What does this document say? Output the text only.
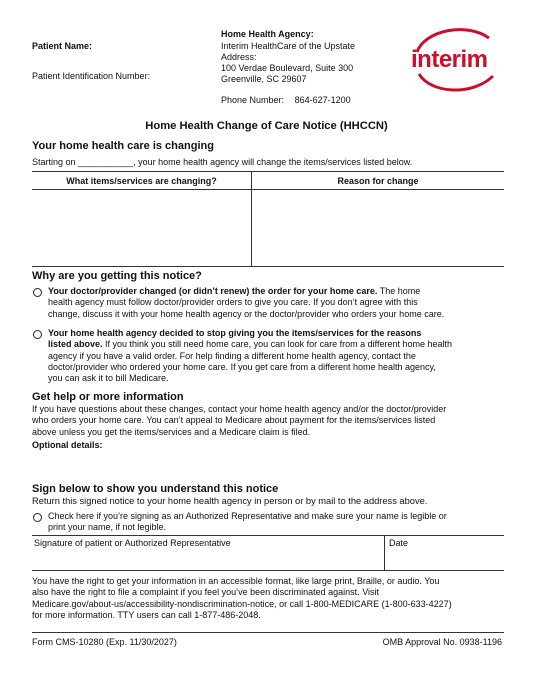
Patient Name:
Patient Identification Number:
Home Health Agency:
Interim HealthCare of the Upstate
Address:
100 Verdae Boulevard, Suite 300
Greenville, SC 29607
Phone Number: 864-627-1200
interim
Home Health Change of Care Notice (HHCCN)
Your home health care is changing
Starting on ___________, your home health agency will change the items/services listed below.
What items/services are changing?	Reason for change
Why are you getting this notice?
Your doctor/provider changed (or didn’t renew) the order for your home care. The home
health agency must follow doctor/provider orders to give you care. If you don’t agree with this
change, discuss it with your home health agency or the doctor/provider who orders your home care.
Your home health agency decided to stop giving you the items/services for the reasons
listed above. If you think you still need home care, you can look for care from a different home health
agency if you have a valid order. For help finding a different home health agency, contact the
doctor/provider who ordered your home care. If you get care from a different home health agency,
you can ask it to bill Medicare.
Get help or more information
If you have questions about these changes, contact your home health agency and/or the doctor/provider
who orders your home care. You can’t appeal to Medicare about payment for the items/services listed
above unless you get the items/services and a Medicare claim is filed.
Optional details:
Sign below to show you understand this notice
Return this signed notice to your home health agency in person or by mail to the address above.
Check here if you’re signing as an Authorized Representative and make sure your name is legible or
print your name, if not legible.
Signature of patient or Authorized Representative	Date
You have the right to get your information in an accessible format, like large print, Braille, or audio. You
also have the right to file a complaint if you feel you’ve been discriminated against. Visit
Medicare.gov/about-us/accessibility-nondiscrimination-notice, or call 1-800-MEDICARE (1-800-633-4227)
for more information. TTY users can call 1-877-486-2048.
Form CMS-10280 (Exp. 11/30/2027)	OMB Approval No. 0938-1196
